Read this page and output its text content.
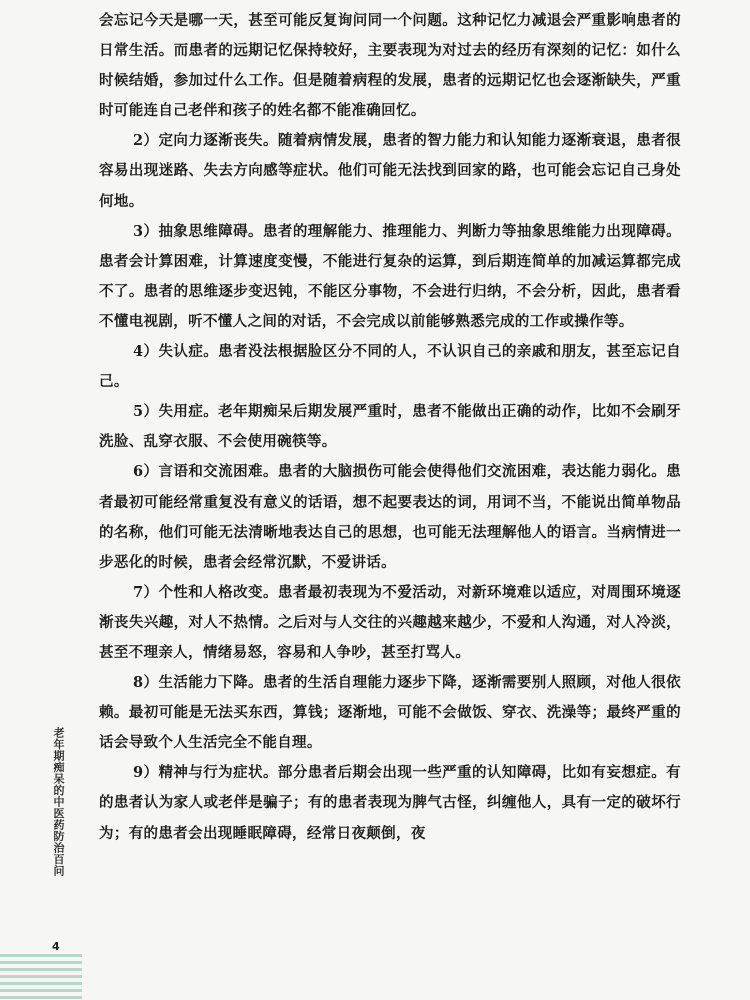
会忘记今天是哪一天，甚至可能反复询问同一个问题。这种记忆力减退会严重影响患者的日常生活。而患者的远期记忆保持较好，主要表现为对过去的经历有深刻的记忆：如什么时候结婚，参加过什么工作。但是随着病程的发展，患者的远期记忆也会逐渐缺失，严重时可能连自己老伴和孩子的姓名都不能准确回忆。

2）定向力逐渐丧失。随着病情发展，患者的智力能力和认知能力逐渐衰退，患者很容易出现迷路、失去方向感等症状。他们可能无法找到回家的路，也可能会忘记自己身处何地。

3）抽象思维障碍。患者的理解能力、推理能力、判断力等抽象思维能力出现障碍。患者会计算困难，计算速度变慢，不能进行复杂的运算，到后期连简单的加减运算都完成不了。患者的思维逐步变迟钝，不能区分事物，不会进行归纳，不会分析，因此，患者看不懂电视剧，听不懂人之间的对话，不会完成以前能够熟悉完成的工作或操作等。

4）失认症。患者没法根据脸区分不同的人，不认识自己的亲戚和朋友，甚至忘记自己。

5）失用症。老年期痴呆后期发展严重时，患者不能做出正确的动作，比如不会刷牙洗脸、乱穿衣服、不会使用碗筷等。

6）言语和交流困难。患者的大脑损伤可能会使得他们交流困难，表达能力弱化。患者最初可能经常重复没有意义的话语，想不起要表达的词，用词不当，不能说出简单物品的名称，他们可能无法清晰地表达自己的思想，也可能无法理解他人的语言。当病情进一步恶化的时候，患者会经常沉默，不爱讲话。

7）个性和人格改变。患者最初表现为不爱活动，对新环境难以适应，对周围环境逐渐丧失兴趣，对人不热情。之后对与人交往的兴趣越来越少，不爱和人沟通，对人冷淡，甚至不理亲人，情绪易怒，容易和人争吵，甚至打骂人。

8）生活能力下降。患者的生活自理能力逐步下降，逐渐需要别人照顾，对他人很依赖。最初可能是无法买东西，算钱；逐渐地，可能不会做饭、穿衣、洗澡等；最终严重的话会导致个人生活完全不能自理。

9）精神与行为症状。部分患者后期会出现一些严重的认知障碍，比如有妄想症。有的患者认为家人或老伴是骗子；有的患者表现为脾气古怪，纠缠他人，具有一定的破坏行为；有的患者会出现睡眠障碍，经常日夜颠倒，夜

老年期痴呆的中医药防治百问
4
